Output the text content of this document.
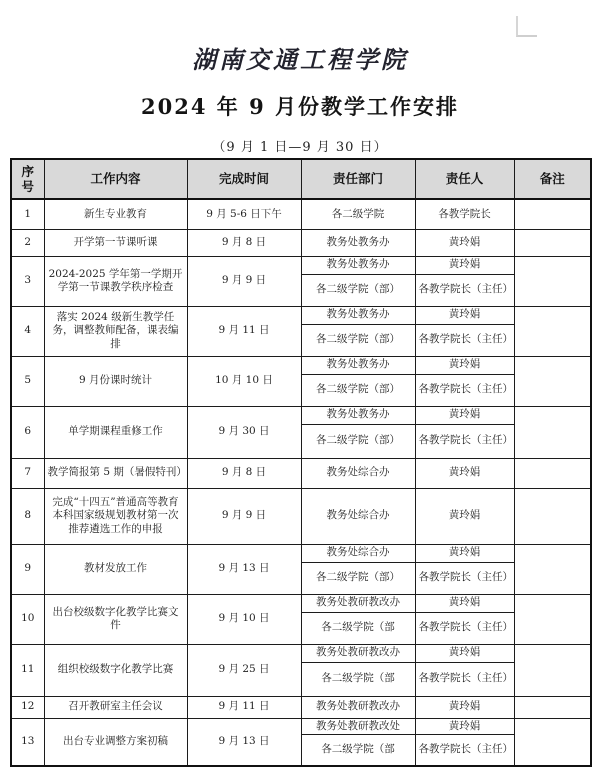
湖南交通工程学院
2024 年 9 月份教学工作安排
（9 月 1 日—9 月 30 日）
序号	工作内容	完成时间	责任部门	责任人	备注
1	新生专业教育	9 月 5-6 日下午	各二级学院	各教学院长	
2	开学第一节课听课	9 月 8 日	教务处教务办	黄玲娟	
3	2024-2025 学年第一学期开学第一节课教学秩序检查	9 月 9 日	教务处教务办	黄玲娟	
			各二级学院（部）	各教学院长（主任）	
4	落实 2024 级新生教学任务，调整教师配备，课表编排	9 月 11 日	教务处教务办	黄玲娟	
			各二级学院（部）	各教学院长（主任）	
5	9 月份课时统计	10 月 10 日	教务处教务办	黄玲娟	
			各二级学院（部）	各教学院长（主任）	
6	单学期课程重修工作	9 月 30 日	教务处教务办	黄玲娟	
			各二级学院（部）	各教学院长（主任）	
7	教学简报第 5 期（暑假特刊）	9 月 8 日	教务处综合办	黄玲娟	
8	完成“十四五”普通高等教育本科国家级规划教材第一次推荐遴选工作的申报	9 月 9 日	教务处综合办	黄玲娟	
9	教材发放工作	9 月 13 日	教务处综合办	黄玲娟	
			各二级学院（部）	各教学院长（主任）	
10	出台校级数字化教学比赛文件	9 月 10 日	教务处教研教改办	黄玲娟	
			各二级学院（部	各教学院长（主任）	
11	组织校级数字化教学比赛	9 月 25 日	教务处教研教改办	黄玲娟	
			各二级学院（部	各教学院长（主任）	
12	召开教研室主任会议	9 月 11 日	教务处教研教改办	黄玲娟	
13	出台专业调整方案初稿	9 月 13 日	教务处教研教改处	黄玲娟	
			各二级学院（部	各教学院长（主任）	
